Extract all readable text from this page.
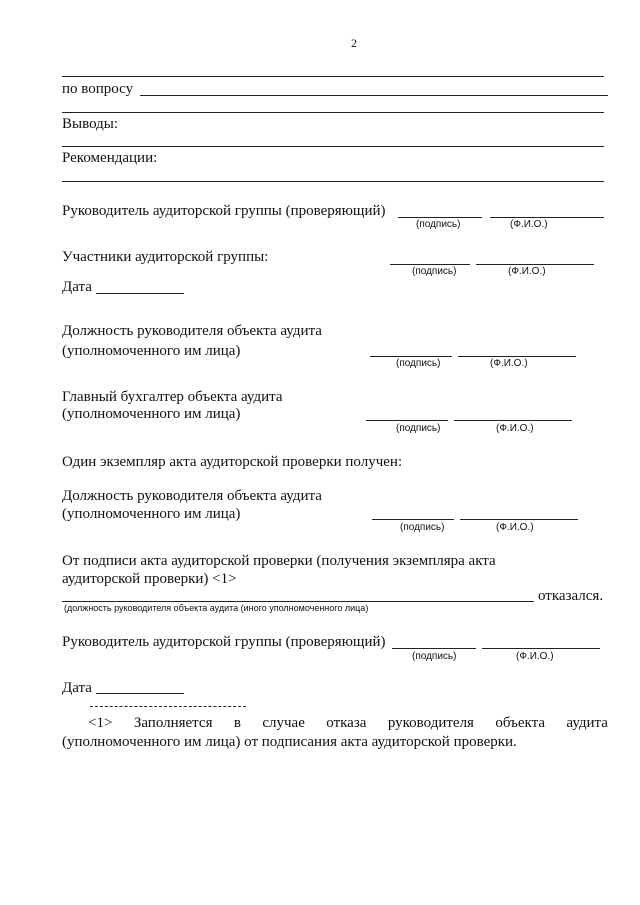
2
по вопросу
Выводы:
Рекомендации:
Руководитель аудиторской группы (проверяющий)
(подпись)	(Ф.И.О.)
Участники аудиторской группы:
(подпись)	(Ф.И.О.)
Дата
Должность руководителя объекта аудита
(уполномоченного им лица)
(подпись)	(Ф.И.О.)
Главный бухгалтер объекта аудита
(уполномоченного им лица)
(подпись)	(Ф.И.О.)
Один экземпляр акта аудиторской проверки получен:
Должность руководителя объекта аудита
(уполномоченного им лица)
(подпись)	(Ф.И.О.)
От подписи акта аудиторской проверки (получения экземпляра акта
аудиторской проверки) <1>
отказался.
(должность руководителя объекта аудита (иного уполномоченного лица)
Руководитель аудиторской группы (проверяющий)
(подпись)	(Ф.И.О.)
Дата
<1> Заполняется в случае отказа руководителя объекта аудита
(уполномоченного им лица) от подписания акта аудиторской проверки.
